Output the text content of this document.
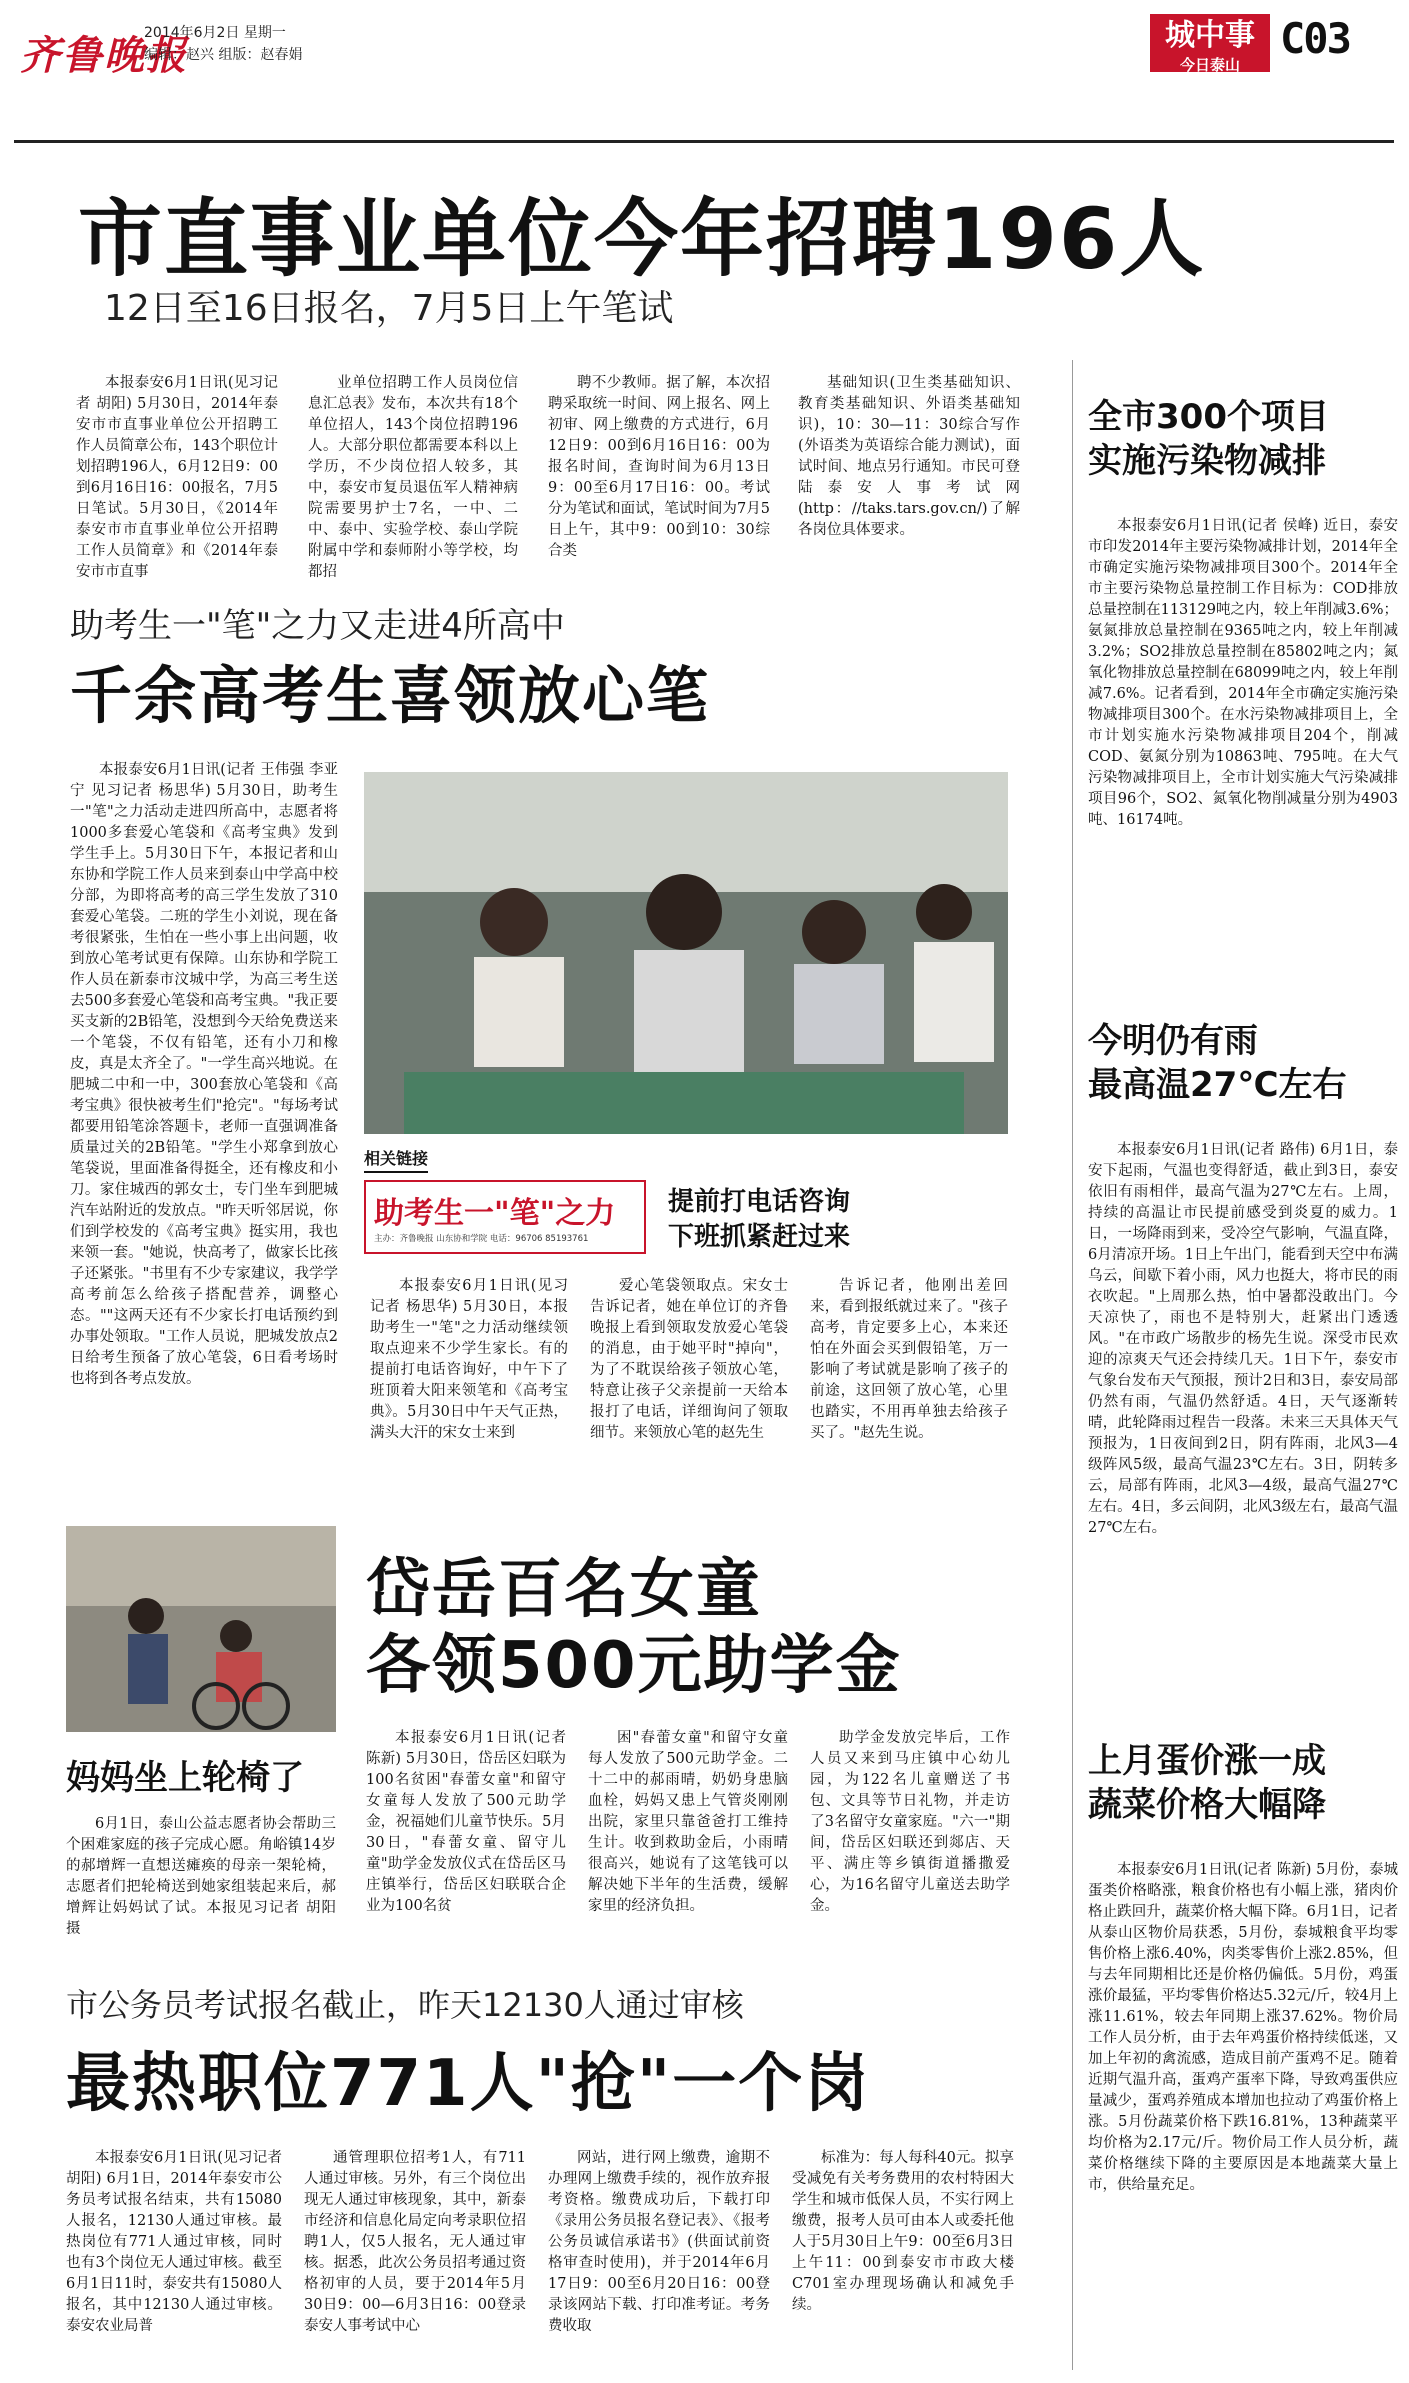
齐鲁晚报
2014年6月2日 星期一
编辑：赵兴 组版：赵春娟
城中事
今日泰山
C03
市直事业单位今年招聘196人
12日至16日报名，7月5日上午笔试

本报泰安6月1日讯(见习记者 胡阳) 5月30日，2014年泰安市市直事业单位公开招聘工作人员简章公布，143个职位计划招聘196人，6月12日9：00到6月16日16：00报名，7月5日笔试。5月30日，《2014年泰安市市直事业单位公开招聘工作人员简章》和《2014年泰安市市直事

业单位招聘工作人员岗位信息汇总表》发布，本次共有18个单位招人，143个岗位招聘196人。大部分职位都需要本科以上学历，不少岗位招人较多，其中，泰安市复员退伍军人精神病院需要男护士7名，一中、二中、泰中、实验学校、泰山学院附属中学和泰师附小等学校，均都招

聘不少教师。据了解，本次招聘采取统一时间、网上报名、网上初审、网上缴费的方式进行，6月12日9：00到6月16日16：00为报名时间，查询时间为6月13日9：00至6月17日16：00。考试分为笔试和面试，笔试时间为7月5日上午，其中9：00到10：30综合类

基础知识(卫生类基础知识、教育类基础知识、外语类基础知识)，10：30—11：30综合写作(外语类为英语综合能力测试)，面试时间、地点另行通知。市民可登陆泰安人事考试网(http：//taks.tars.gov.cn/)了解各岗位具体要求。

助考生一"笔"之力又走进4所高中
千余高考生喜领放心笔

本报泰安6月1日讯(记者 王伟强 李亚宁 见习记者 杨思华) 5月30日，助考生一"笔"之力活动走进四所高中，志愿者将1000多套爱心笔袋和《高考宝典》发到学生手上。5月30日下午，本报记者和山东协和学院工作人员来到泰山中学高中校分部，为即将高考的高三学生发放了310套爱心笔袋。二班的学生小刘说，现在备考很紧张，生怕在一些小事上出问题，收到放心笔考试更有保障。山东协和学院工作人员在新泰市汶城中学，为高三考生送去500多套爱心笔袋和高考宝典。"我正要买支新的2B铅笔，没想到今天给免费送来一个笔袋，不仅有铅笔，还有小刀和橡皮，真是太齐全了。"一学生高兴地说。在肥城二中和一中，300套放心笔袋和《高考宝典》很快被考生们"抢完"。"每场考试都要用铅笔涂答题卡，老师一直强调准备质量过关的2B铅笔。"学生小郑拿到放心笔袋说，里面准备得挺全，还有橡皮和小刀。家住城西的郭女士，专门坐车到肥城汽车站附近的发放点。"昨天听邻居说，你们到学校发的《高考宝典》挺实用，我也来领一套。"她说，快高考了，做家长比孩子还紧张。"书里有不少专家建议，我学学高考前怎么给孩子搭配营养，调整心态。""这两天还有不少家长打电话预约到办事处领取。"工作人员说，肥城发放点2日给考生预备了放心笔袋，6日看考场时也将到各考点发放。

相关链接
助考生一"笔"之力
主办：齐鲁晚报 山东协和学院 电话：96706 85193761
提前打电话咨询
下班抓紧赶过来

本报泰安6月1日讯(见习记者 杨思华) 5月30日，本报助考生一"笔"之力活动继续领取点迎来不少学生家长。有的提前打电话咨询好，中午下了班顶着大阳来领笔和《高考宝典》。5月30日中午天气正热，满头大汗的宋女士来到

爱心笔袋领取点。宋女士告诉记者，她在单位订的齐鲁晚报上看到领取发放爱心笔袋的消息，由于她平时"掉向"，为了不耽误给孩子领放心笔，特意让孩子父亲提前一天给本报打了电话，详细询问了领取细节。来领放心笔的赵先生

告诉记者，他刚出差回来，看到报纸就过来了。"孩子高考，肯定要多上心，本来还怕在外面会买到假铅笔，万一影响了考试就是影响了孩子的前途，这回领了放心笔，心里也踏实，不用再单独去给孩子买了。"赵先生说。

妈妈坐上轮椅了

6月1日，泰山公益志愿者协会帮助三个困难家庭的孩子完成心愿。角峪镇14岁的郝增辉一直想送瘫痪的母亲一架轮椅，志愿者们把轮椅送到她家组装起来后，郝增辉让妈妈试了试。本报见习记者 胡阳 摄

岱岳百名女童
各领500元助学金

本报泰安6月1日讯(记者 陈新) 5月30日，岱岳区妇联为100名贫困"春蕾女童"和留守女童每人发放了500元助学金，祝福她们儿童节快乐。5月30日，"春蕾女童、留守儿童"助学金发放仪式在岱岳区马庄镇举行，岱岳区妇联联合企业为100名贫

困"春蕾女童"和留守女童每人发放了500元助学金。二十二中的郝雨晴，奶奶身患脑血栓，妈妈又患上气管炎刚刚出院，家里只靠爸爸打工维持生计。收到救助金后，小雨晴很高兴，她说有了这笔钱可以解决她下半年的生活费，缓解家里的经济负担。

助学金发放完毕后，工作人员又来到马庄镇中心幼儿园，为122名儿童赠送了书包、文具等节日礼物，并走访了3名留守女童家庭。"六一"期间，岱岳区妇联还到郯店、天平、满庄等乡镇街道播撒爱心，为16名留守儿童送去助学金。

市公务员考试报名截止，昨天12130人通过审核
最热职位771人"抢"一个岗

本报泰安6月1日讯(见习记者 胡阳) 6月1日，2014年泰安市公务员考试报名结束，共有15080人报名，12130人通过审核。最热岗位有771人通过审核，同时也有3个岗位无人通过审核。截至6月1日11时，泰安共有15080人报名，其中12130人通过审核。泰安农业局普

通管理职位招考1人，有711人通过审核。另外，有三个岗位出现无人通过审核现象，其中，新泰市经济和信息化局定向考录职位招聘1人，仅5人报名，无人通过审核。据悉，此次公务员招考通过资格初审的人员，要于2014年5月30日9：00—6月3日16：00登录泰安人事考试中心

网站，进行网上缴费，逾期不办理网上缴费手续的，视作放弃报考资格。缴费成功后，下载打印《录用公务员报名登记表》、《报考公务员诚信承诺书》(供面试前资格审查时使用)，并于2014年6月17日9：00至6月20日16：00登录该网站下载、打印准考证。考务费收取

标准为：每人每科40元。拟享受减免有关考务费用的农村特困大学生和城市低保人员，不实行网上缴费，报考人员可由本人或委托他人于5月30日上午9：00至6月3日上午11：00到泰安市市政大楼C701室办理现场确认和减免手续。

全市300个项目
实施污染物减排

本报泰安6月1日讯(记者 侯峰) 近日，泰安市印发2014年主要污染物减排计划，2014年全市确定实施污染物减排项目300个。2014年全市主要污染物总量控制工作目标为：COD排放总量控制在113129吨之内，较上年削减3.6%；氨氮排放总量控制在9365吨之内，较上年削减3.2%；SO2排放总量控制在85802吨之内；氮氧化物排放总量控制在68099吨之内，较上年削减7.6%。记者看到，2014年全市确定实施污染物减排项目300个。在水污染物减排项目上，全市计划实施水污染物减排项目204个，削减COD、氨氮分别为10863吨、795吨。在大气污染物减排项目上，全市计划实施大气污染减排项目96个，SO2、氮氧化物削减量分别为4903吨、16174吨。

今明仍有雨
最高温27℃左右

本报泰安6月1日讯(记者 路伟) 6月1日，泰安下起雨，气温也变得舒适，截止到3日，泰安依旧有雨相伴，最高气温为27℃左右。上周，持续的高温让市民提前感受到炎夏的威力。1日，一场降雨到来，受冷空气影响，气温直降，6月清凉开场。1日上午出门，能看到天空中布满乌云，间歇下着小雨，风力也挺大，将市民的雨衣吹起。"上周那么热，怕中暑都没敢出门。今天凉快了，雨也不是特别大，赶紧出门透透风。"在市政广场散步的杨先生说。深受市民欢迎的凉爽天气还会持续几天。1日下午，泰安市气象台发布天气预报，预计2日和3日，泰安局部仍然有雨，气温仍然舒适。4日，天气逐渐转晴，此轮降雨过程告一段落。未来三天具体天气预报为，1日夜间到2日，阴有阵雨，北风3—4级阵风5级，最高气温23℃左右。3日，阴转多云，局部有阵雨，北风3—4级，最高气温27℃左右。4日，多云间阴，北风3级左右，最高气温27℃左右。

上月蛋价涨一成
蔬菜价格大幅降

本报泰安6月1日讯(记者 陈新) 5月份，泰城蛋类价格略涨，粮食价格也有小幅上涨，猪肉价格止跌回升，蔬菜价格大幅下降。6月1日，记者从泰山区物价局获悉，5月份，泰城粮食平均零售价格上涨6.40%，肉类零售价上涨2.85%，但与去年同期相比还是价格仍偏低。5月份，鸡蛋涨价最猛，平均零售价格达5.32元/斤，较4月上涨11.61%，较去年同期上涨37.62%。物价局工作人员分析，由于去年鸡蛋价格持续低迷，又加上年初的禽流感，造成目前产蛋鸡不足。随着近期气温升高，蛋鸡产蛋率下降，导致鸡蛋供应量减少，蛋鸡养殖成本增加也拉动了鸡蛋价格上涨。5月份蔬菜价格下跌16.81%，13种蔬菜平均价格为2.17元/斤。物价局工作人员分析，蔬菜价格继续下降的主要原因是本地蔬菜大量上市，供给量充足。
